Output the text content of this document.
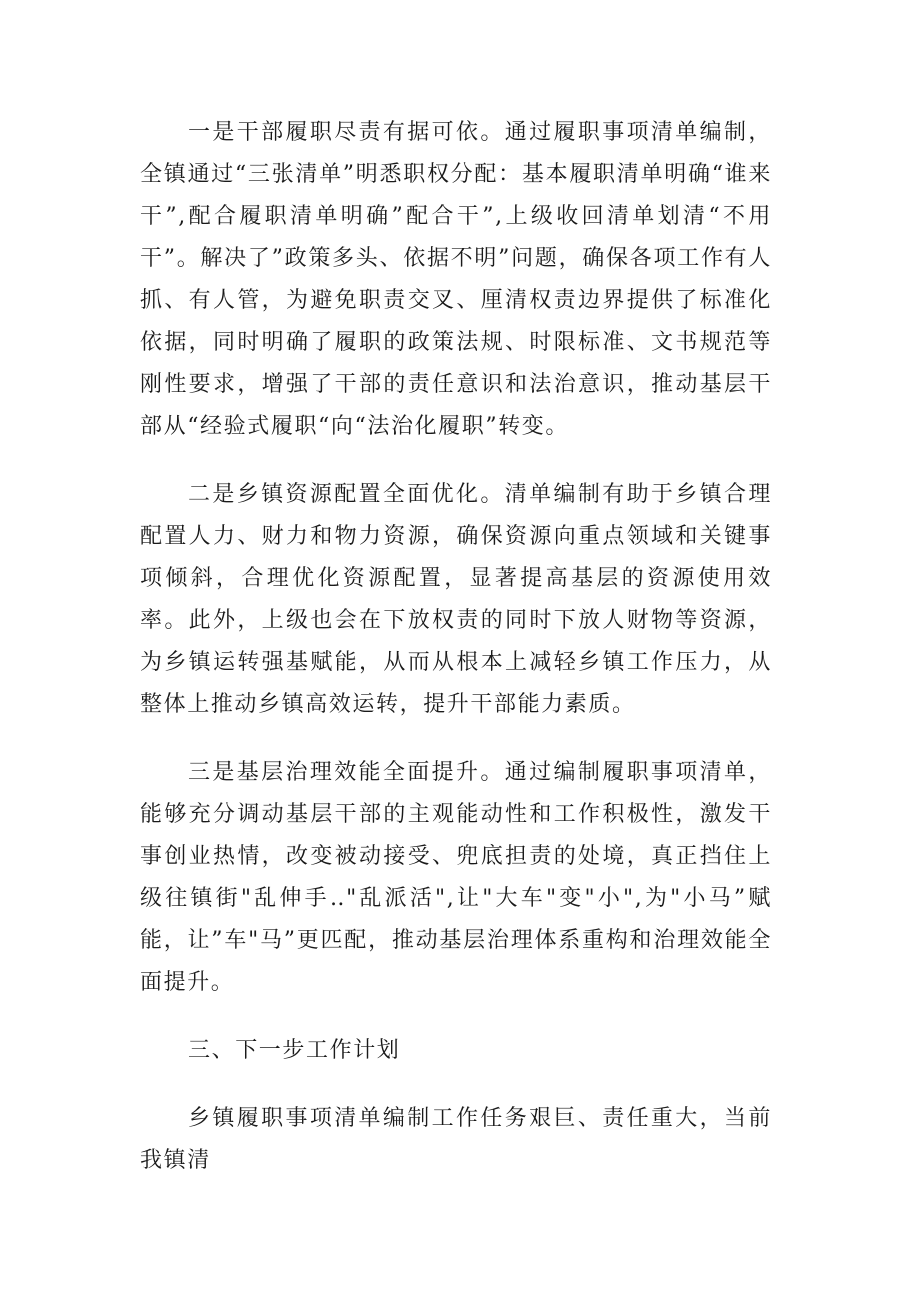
一是干部履职尽责有据可依。通过履职事项清单编制，全镇通过“三张清单”明悉职权分配：基本履职清单明确“谁来干”,配合履职清单明确”配合干”,上级收回清单划清“不用干”。解决了”政策多头、依据不明”问题，确保各项工作有人抓、有人管，为避免职责交叉、厘清权责边界提供了标准化依据，同时明确了履职的政策法规、时限标准、文书规范等刚性要求，增强了干部的责任意识和法治意识，推动基层干部从“经验式履职“向“法治化履职”转变。

二是乡镇资源配置全面优化。清单编制有助于乡镇合理配置人力、财力和物力资源，确保资源向重点领域和关键事项倾斜，合理优化资源配置，显著提高基层的资源使用效率。此外，上级也会在下放权责的同时下放人财物等资源，为乡镇运转强基赋能，从而从根本上减轻乡镇工作压力，从整体上推动乡镇高效运转，提升干部能力素质。

三是基层治理效能全面提升。通过编制履职事项清单，能够充分调动基层干部的主观能动性和工作积极性，激发干事创业热情，改变被动接受、兜底担责的处境，真正挡住上级往镇街"乱伸手‥"乱派活",让"大车"变"小",为"小马”赋能，让”车"马”更匹配，推动基层治理体系重构和治理效能全面提升。

三、下一步工作计划

乡镇履职事项清单编制工作任务艰巨、责任重大，当前我镇清
